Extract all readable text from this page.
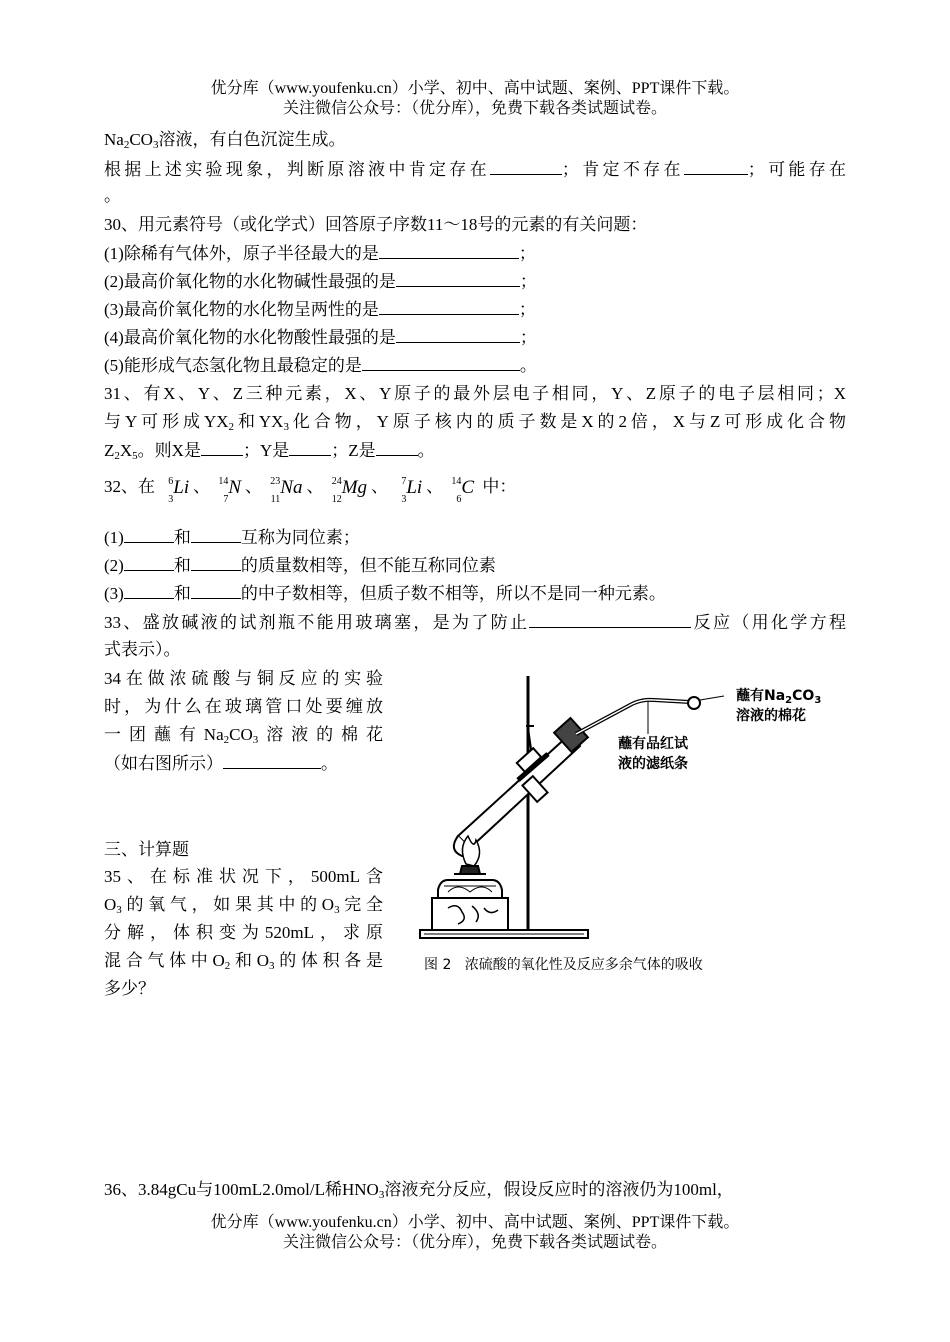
优分库（www.youfenku.cn）小学、初中、高中试题、案例、PPT课件下载。
关注微信公众号：（优分库），免费下载各类试题试卷。
Na2CO3溶液，有白色沉淀生成。
根据上述实验现象，判断原溶液中肯定存在	；肯定不存在	；可能存在
。
30、用元素符号（或化学式）回答原子序数11～18号的元素的有关问题：
(1)除稀有气体外，原子半径最大的是	；
(2)最高价氧化物的水化物碱性最强的是	；
(3)最高价氧化物的水化物呈两性的是	；
(4)最高价氧化物的水化物酸性最强的是	；
(5)能形成气态氢化物且最稳定的是	。
31、有X、Y、Z三种元素，X、Y原子的最外层电子相同，Y、Z原子的电子层相同；X
与Y可形成$YX_2$和$YX_3$化合物，Y原子核内的质子数是X的2倍，X与Z可形成化合物
$Z_2X_5$。则X是 ；Y是 ；Z是 。
32、在	6
3
Li 、 14
7
N 、 23
11
Na 、 24
12
Mg 、	7
3
Li 、 14
6
C 中：
(1)	和	互称为同位素；
(2)	和	的质量数相等，但不能互称同位素
(3)	和	的中子数相等，但质子数不相等，所以不是同一种元素。
33、盛放碱液的试剂瓶不能用玻璃塞，是为了防止	反应（用化学方程
式表示）。
34在做浓硫酸与铜反应的实验
时，为什么在玻璃管口处要缠放
一团蘸有$Na_2CO_3$溶液的棉花
（如右图所示）	。
三、计算题
35、在标准状况下，500mL含
$O_3$的氧气，如果其中的$O_3$完全
分解，体积变为520mL，求原
混合气体中$O_2$和$O_3$的体积各是
多少？
36、3.84gCu与100mL2.0mol/L稀$HNO_3$溶液充分反应，假设反应时的溶液仍为100ml，
蘸有$Na_2CO_3$
溶液的棉花
蘸有品红试
液的滤纸条
图 2 浓硫酸的氧化性及反应多余气体的吸收
优分库（www.youfenku.cn）小学、初中、高中试题、案例、PPT课件下载。
关注微信公众号：（优分库），免费下载各类试题试卷。
